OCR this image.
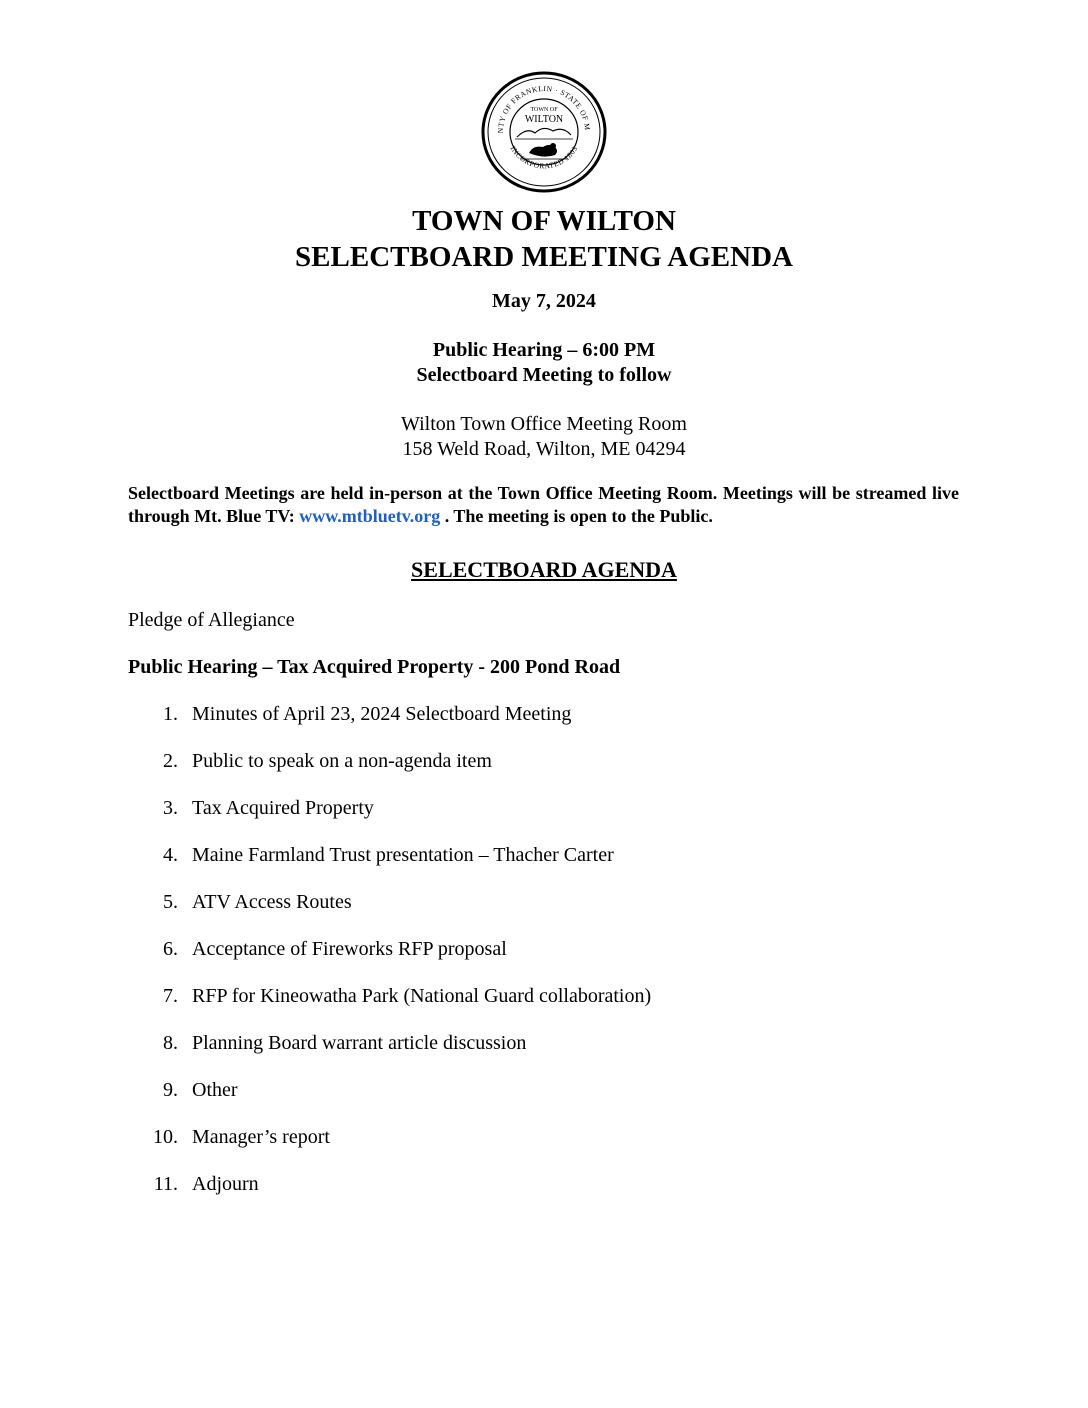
NTY OF FRANKLIN · STATE OF M
INCORPORATED 1803
TOWN OF
WILTON
TOWN OF WILTON
SELECTBOARD MEETING AGENDA
May 7, 2024
Public Hearing – 6:00 PM
Selectboard Meeting to follow
Wilton Town Office Meeting Room
158 Weld Road, Wilton, ME 04294
Selectboard Meetings are held in-person at the Town Office Meeting Room. Meetings will be streamed live through Mt. Blue TV: www.mtbluetv.org . The meeting is open to the Public.
SELECTBOARD AGENDA
Pledge of Allegiance
Public Hearing – Tax Acquired Property - 200 Pond Road
1. Minutes of April 23, 2024 Selectboard Meeting
2. Public to speak on a non-agenda item
3. Tax Acquired Property
4. Maine Farmland Trust presentation – Thacher Carter
5. ATV Access Routes
6. Acceptance of Fireworks RFP proposal
7. RFP for Kineowatha Park (National Guard collaboration)
8. Planning Board warrant article discussion
9. Other
10. Manager’s report
11. Adjourn
